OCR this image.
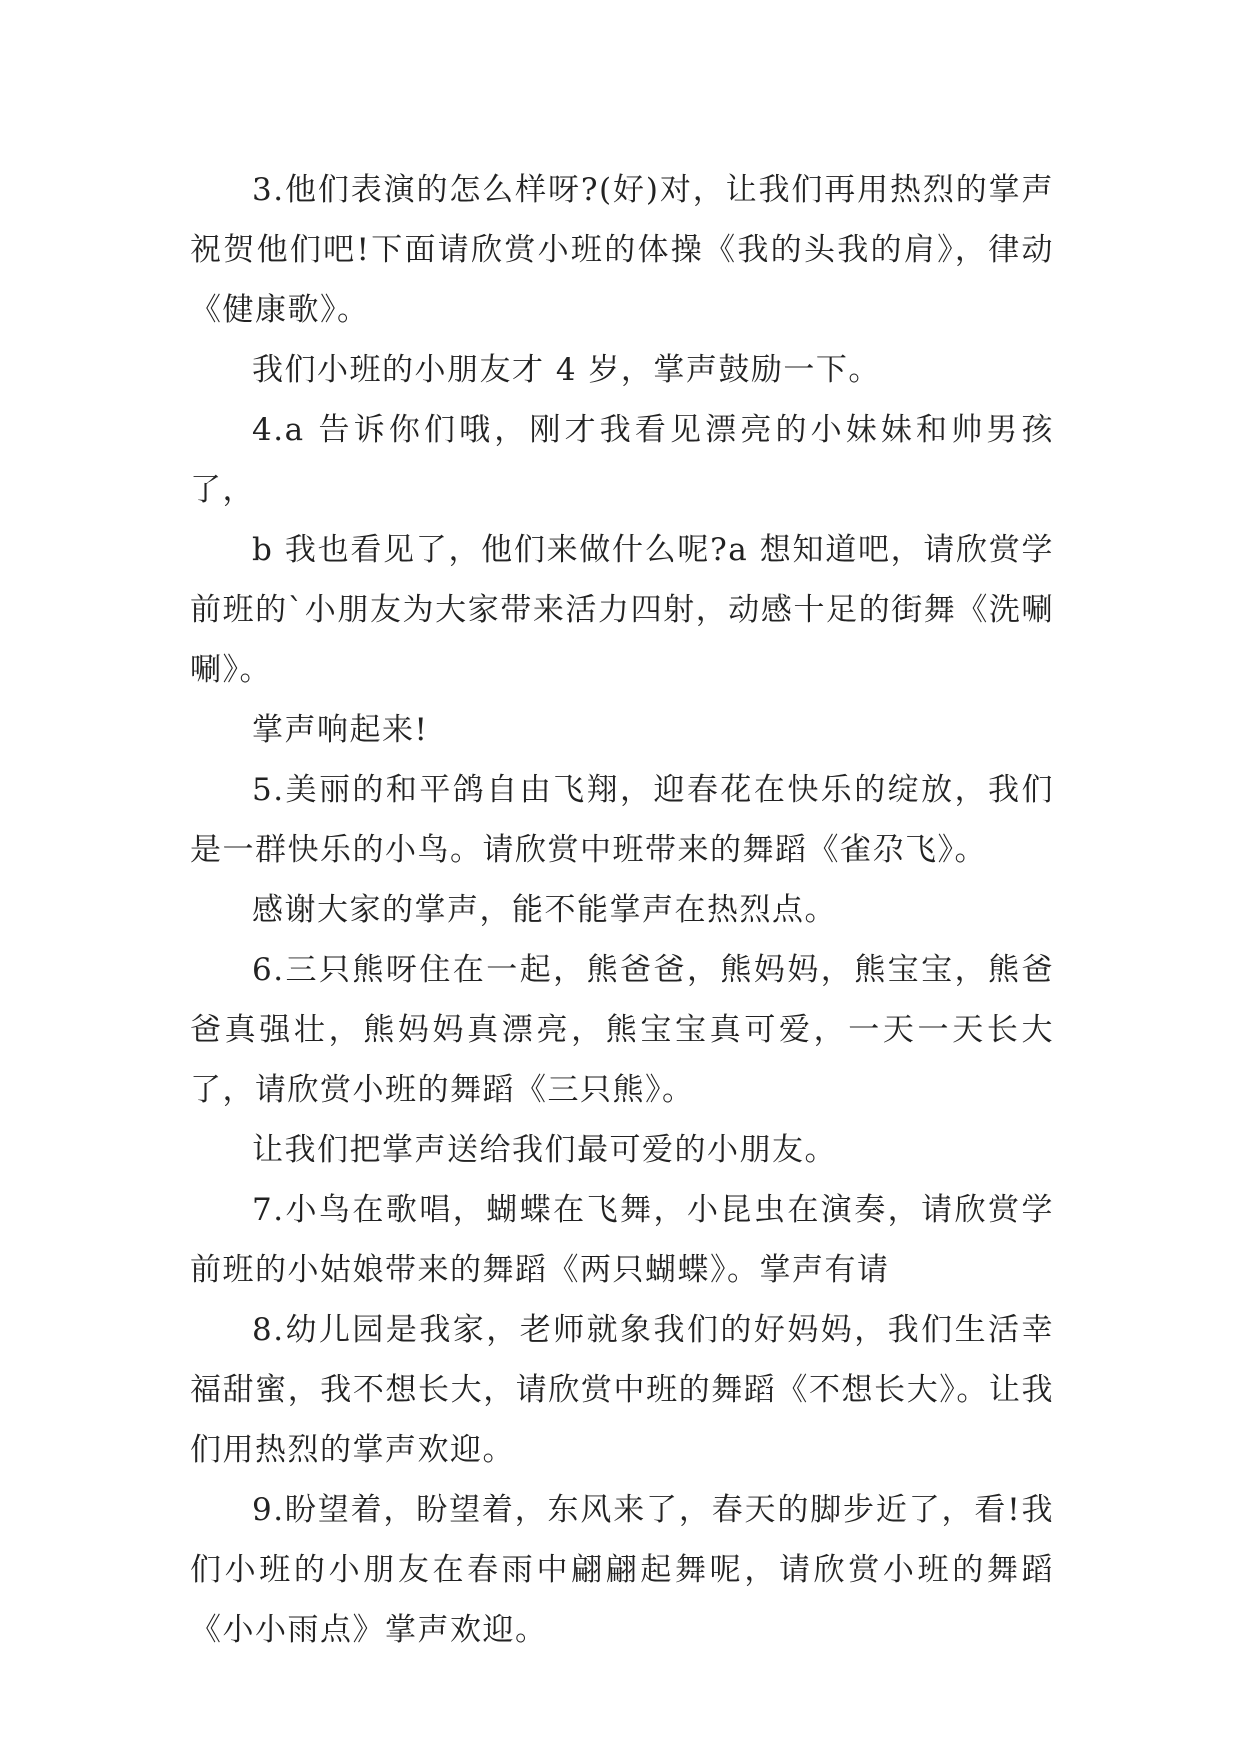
3.他们表演的怎么样呀?(好)对，让我们再用热烈的掌声祝贺他们吧!下面请欣赏小班的体操《我的头我的肩》，律动《健康歌》。

我们小班的小朋友才 4 岁，掌声鼓励一下。

4.a 告诉你们哦，刚才我看见漂亮的小妹妹和帅男孩了，

b 我也看见了，他们来做什么呢?a 想知道吧，请欣赏学前班的`小朋友为大家带来活力四射，动感十足的街舞《洗唰唰》。

掌声响起来!

5.美丽的和平鸽自由飞翔，迎春花在快乐的绽放，我们是一群快乐的小鸟。请欣赏中班带来的舞蹈《雀尕飞》。

感谢大家的掌声，能不能掌声在热烈点。

6.三只熊呀住在一起，熊爸爸，熊妈妈，熊宝宝，熊爸爸真强壮，熊妈妈真漂亮，熊宝宝真可爱，一天一天长大了，请欣赏小班的舞蹈《三只熊》。

让我们把掌声送给我们最可爱的小朋友。

7.小鸟在歌唱，蝴蝶在飞舞，小昆虫在演奏，请欣赏学前班的小姑娘带来的舞蹈《两只蝴蝶》。掌声有请

8.幼儿园是我家，老师就象我们的好妈妈，我们生活幸福甜蜜，我不想长大，请欣赏中班的舞蹈《不想长大》。让我们用热烈的掌声欢迎。

9.盼望着，盼望着，东风来了，春天的脚步近了，看!我们小班的小朋友在春雨中翩翩起舞呢，请欣赏小班的舞蹈《小小雨点》掌声欢迎。
